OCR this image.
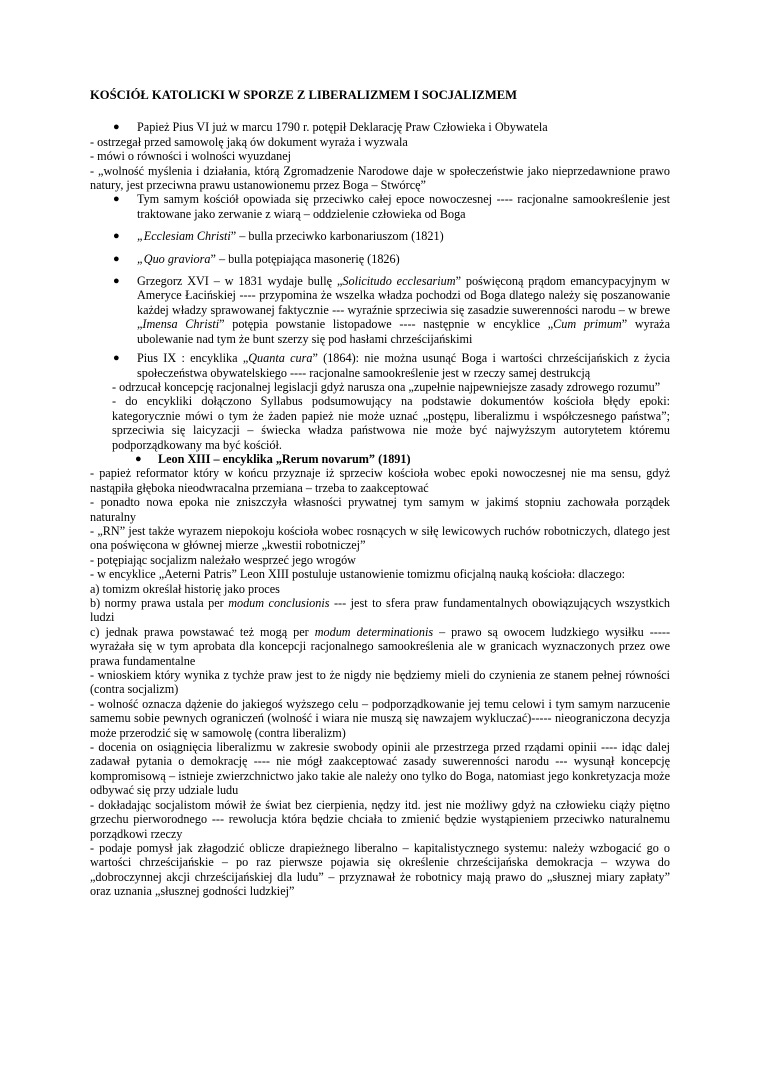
KOŚCIÓŁ KATOLICKI W SPORZE Z LIBERALIZMEM I SOCJALIZMEM
● Papież Pius VI już w marcu 1790 r. potępił Deklarację Praw Człowieka i Obywatela

- ostrzegał przed samowolę jaką ów dokument wyraża i wyzwala

- mówi o równości i wolności wyuzdanej

- „wolność myślenia i działania, którą Zgromadzenie Narodowe daje w społeczeństwie jako nieprzedawnione prawo natury, jest przeciwna prawu ustanowionemu przez Boga – Stwórcę”

● Tym samym kościół opowiada się przeciwko całej epoce nowoczesnej ---- racjonalne samookreślenie jest traktowane jako zerwanie z wiarą – oddzielenie człowieka od Boga
● „Ecclesiam Christi” – bulla przeciwko karbonariuszom (1821)
● „Quo graviora” – bulla potępiająca masonerię (1826)
● Grzegorz XVI – w 1831 wydaje bullę „Solicitudo ecclesarium” poświęconą prądom emancypacyjnym w Ameryce Łacińskiej ---- przypomina że wszelka władza pochodzi od Boga dlatego należy się poszanowanie każdej władzy sprawowanej faktycznie --- wyraźnie sprzeciwia się zasadzie suwerenności narodu – w brewe „Imensa Christi” potępia powstanie listopadowe ---- następnie w encyklice „Cum primum” wyraża ubolewanie nad tym że bunt szerzy się pod hasłami chrześcijańskimi
● Pius IX : encyklika „Quanta cura” (1864): nie można usunąć Boga i wartości chrześcijańskich z życia społeczeństwa obywatelskiego ---- racjonalne samookreślenie jest w rzeczy samej destrukcją

- odrzucał koncepcję racjonalnej legislacji gdyż narusza ona „zupełnie najpewniejsze zasady zdrowego rozumu”

- do encykliki dołączono Syllabus podsumowujący na podstawie dokumentów kościoła błędy epoki: kategorycznie mówi o tym że żaden papież nie może uznać „postępu, liberalizmu i współczesnego państwa”; sprzeciwia się laicyzacji – świecka władza państwowa nie może być najwyższym autorytetem któremu podporządkowany ma być kościół.

● Leon XIII – encyklika „Rerum novarum” (1891)

- papież reformator który w końcu przyznaje iż sprzeciw kościoła wobec epoki nowoczesnej nie ma sensu, gdyż nastąpiła głęboka nieodwracalna przemiana – trzeba to zaakceptować

- ponadto nowa epoka nie zniszczyła własności prywatnej tym samym w jakimś stopniu zachowała porządek naturalny

- „RN” jest także wyrazem niepokoju kościoła wobec rosnących w siłę lewicowych ruchów robotniczych, dlatego jest ona poświęcona w głównej mierze „kwestii robotniczej”

- potępiając socjalizm należało wesprzeć jego wrogów

- w encyklice „Aeterni Patris” Leon XIII postuluje ustanowienie tomizmu oficjalną nauką kościoła: dlaczego:

a) tomizm określał historię jako proces

b) normy prawa ustala per modum conclusionis --- jest to sfera praw fundamentalnych obowiązujących wszystkich ludzi

c) jednak prawa powstawać też mogą per modum determinationis – prawo są owocem ludzkiego wysiłku ----- wyrażała się w tym aprobata dla koncepcji racjonalnego samookreślenia ale w granicach wyznaczonych przez owe prawa fundamentalne

- wnioskiem który wynika z tychże praw jest to że nigdy nie będziemy mieli do czynienia ze stanem pełnej równości (contra socjalizm)

- wolność oznacza dążenie do jakiegoś wyższego celu – podporządkowanie jej temu celowi i tym samym narzucenie samemu sobie pewnych ograniczeń (wolność i wiara nie muszą się nawzajem wykluczać)----- nieograniczona decyzja może przerodzić się w samowolę (contra liberalizm)

- docenia on osiągnięcia liberalizmu w zakresie swobody opinii ale przestrzega przed rządami opinii ---- idąc dalej zadawał pytania o demokrację ---- nie mógł zaakceptować zasady suwerenności narodu --- wysunął koncepcję kompromisową – istnieje zwierzchnictwo jako takie ale należy ono tylko do Boga, natomiast jego konkretyzacja może odbywać się przy udziale ludu

- dokładając socjalistom mówił że świat bez cierpienia, nędzy itd. jest nie możliwy gdyż na człowieku ciąży piętno grzechu pierworodnego --- rewolucja która będzie chciała to zmienić będzie wystąpieniem przeciwko naturalnemu porządkowi rzeczy

- podaje pomysł jak złagodzić oblicze drapieżnego liberalno – kapitalistycznego systemu: należy wzbogacić go o wartości chrześcijańskie – po raz pierwsze pojawia się określenie chrześcijańska demokracja – wzywa do „dobroczynnej akcji chrześcijańskiej dla ludu” – przyznawał że robotnicy mają prawo do „słusznej miary zapłaty” oraz uznania „słusznej godności ludzkiej”
